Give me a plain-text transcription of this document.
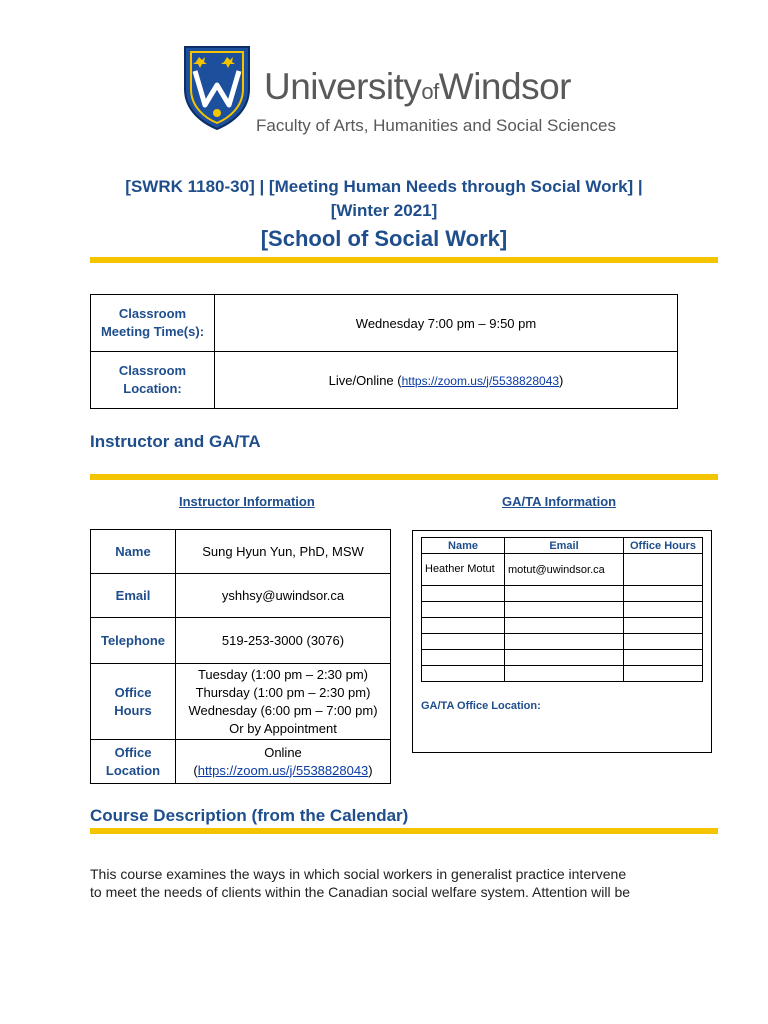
UniversityofWindsor
Faculty of Arts, Humanities and Social Sciences
[SWRK 1180-30] | [Meeting Human Needs through Social Work] |
[Winter 2021]
[School of Social Work]
Classroom
Meeting Time(s):	Wednesday 7:00 pm – 9:50 pm
Classroom
Location:	Live/Online (https://zoom.us/j/5538828043)
Instructor and GA/TA
Instructor Information	GA/TA Information
Name	Sung Hyun Yun, PhD, MSW
Email	yshhsy@uwindsor.ca
Telephone	519-253-3000 (3076)
Office
Hours	Tuesday (1:00 pm – 2:30 pm)
Thursday (1:00 pm – 2:30 pm)
Wednesday (6:00 pm – 7:00 pm)
Or by Appointment
Office
Location	Online
(https://zoom.us/j/5538828043)
Name	Email	Office Hours
Heather Motut	motut@uwindsor.ca	

GA/TA Office Location:
Course Description (from the Calendar)
This course examines the ways in which social workers in generalist practice intervene
to meet the needs of clients within the Canadian social welfare system. Attention will be
